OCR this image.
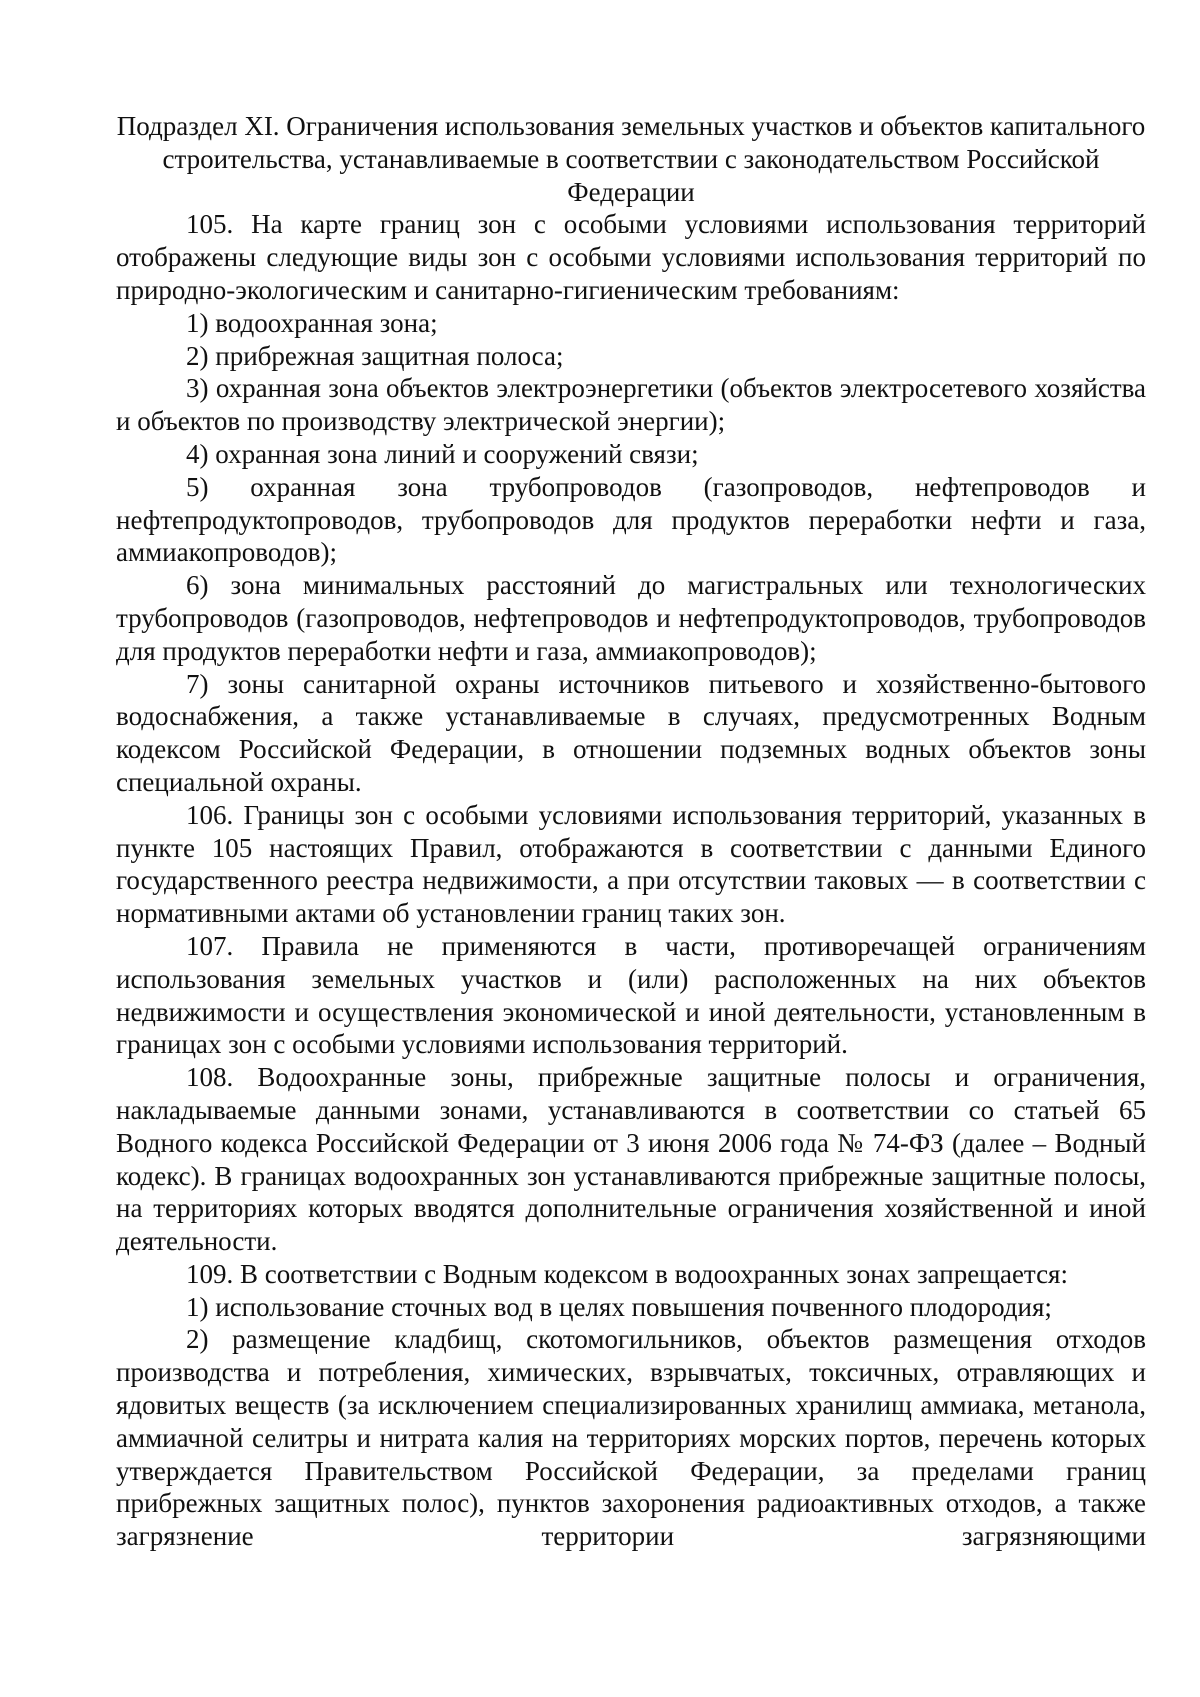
Подраздел XI. Ограничения использования земельных участков и объектов капитального строительства, устанавливаемые в соответствии с законодательством Российской Федерации

105. На карте границ зон с особыми условиями использования территорий отображены следующие виды зон с особыми условиями использования территорий по природно-экологическим и санитарно-гигиеническим требованиям:

1) водоохранная зона;

2) прибрежная защитная полоса;

3) охранная зона объектов электроэнергетики (объектов электросетевого хозяйства и объектов по производству электрической энергии);

4) охранная зона линий и сооружений связи;

5) охранная зона трубопроводов (газопроводов, нефтепроводов и нефтепродуктопроводов, трубопроводов для продуктов переработки нефти и газа, аммиакопроводов);

6) зона минимальных расстояний до магистральных или технологических трубопроводов (газопроводов, нефтепроводов и нефтепродуктопроводов, трубопроводов для продуктов переработки нефти и газа, аммиакопроводов);

7) зоны санитарной охраны источников питьевого и хозяйственно-бытового водоснабжения, а также устанавливаемые в случаях, предусмотренных Водным кодексом Российской Федерации, в отношении подземных водных объектов зоны специальной охраны.

106. Границы зон с особыми условиями использования территорий, указанных в пункте 105 настоящих Правил, отображаются в соответствии с данными Единого государственного реестра недвижимости, а при отсутствии таковых — в соответствии с нормативными актами об установлении границ таких зон.

107. Правила не применяются в части, противоречащей ограничениям использования земельных участков и (или) расположенных на них объектов недвижимости и осуществления экономической и иной деятельности, установленным в границах зон с особыми условиями использования территорий.

108. Водоохранные зоны, прибрежные защитные полосы и ограничения, накладываемые данными зонами, устанавливаются в соответствии со статьей 65 Водного кодекса Российской Федерации от 3 июня 2006 года № 74-ФЗ (далее – Водный кодекс). В границах водоохранных зон устанавливаются прибрежные защитные полосы, на территориях которых вводятся дополнительные ограничения хозяйственной и иной деятельности.

109. В соответствии с Водным кодексом в водоохранных зонах запрещается:

1) использование сточных вод в целях повышения почвенного плодородия;

2) размещение кладбищ, скотомогильников, объектов размещения отходов производства и потребления, химических, взрывчатых, токсичных, отравляющих и ядовитых веществ (за исключением специализированных хранилищ аммиака, метанола, аммиачной селитры и нитрата калия на территориях морских портов, перечень которых утверждается Правительством Российской Федерации, за пределами границ прибрежных защитных полос), пунктов захоронения радиоактивных отходов, а также загрязнение территории загрязняющими
